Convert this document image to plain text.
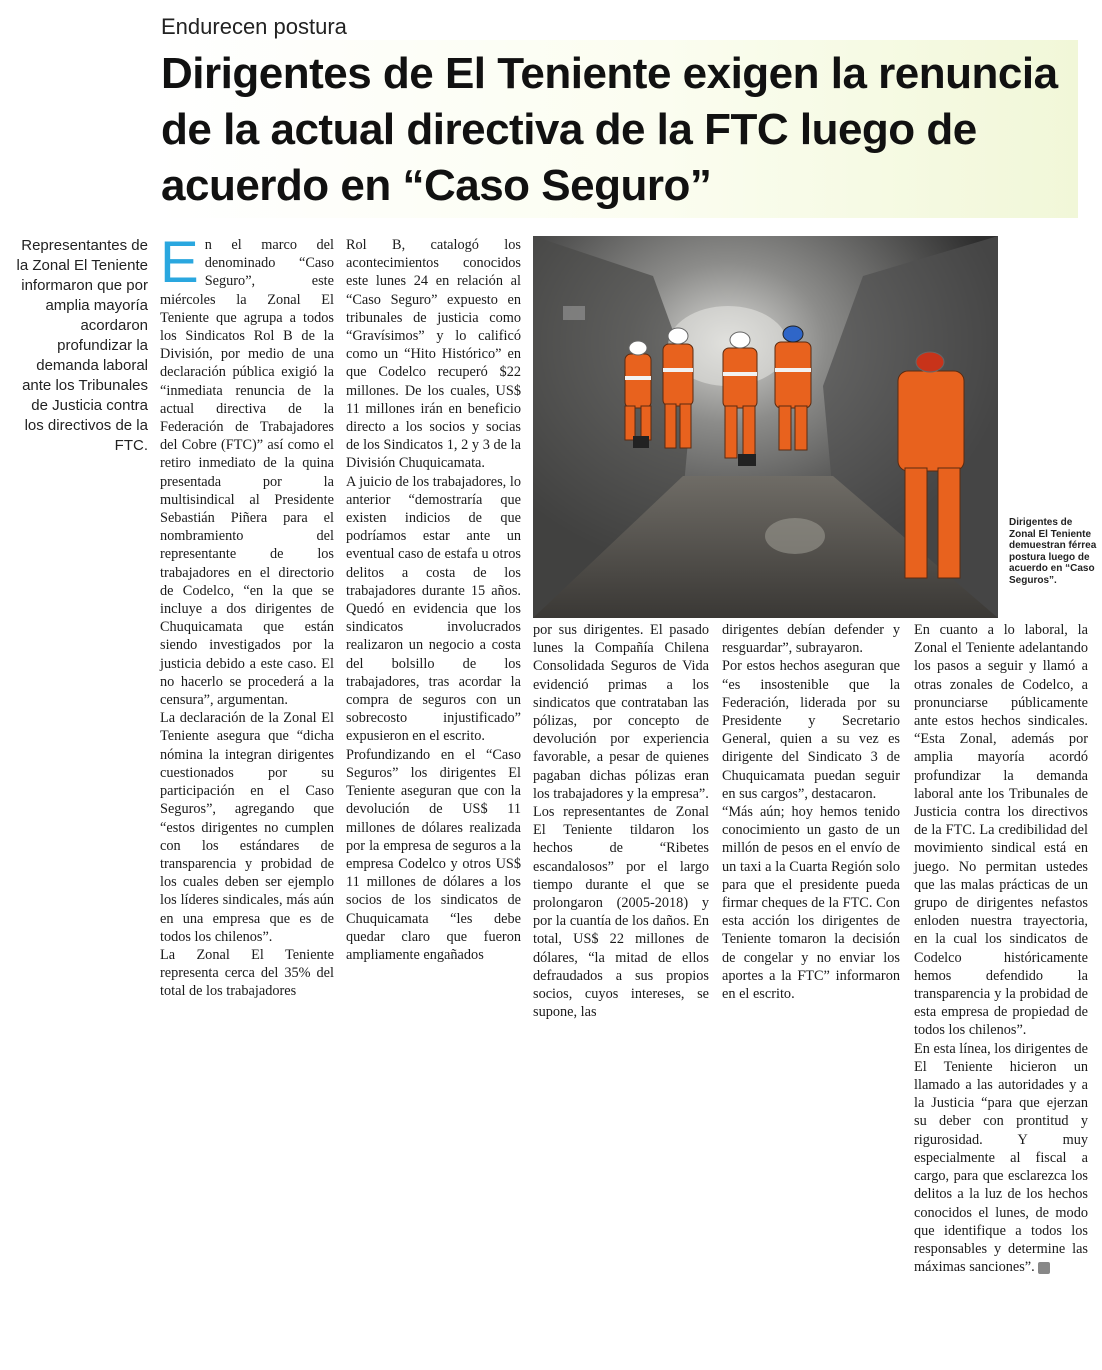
Endurecen postura
Dirigentes de El Teniente exigen la renuncia de la actual directiva de la FTC luego de acuerdo en “Caso Seguro”
Representantes de la Zonal El Teniente informaron que por amplia mayoría acordaron profundizar la demanda laboral ante los Tribunales de Justicia contra los directivos de la FTC.
E n el marco del denominado “Caso Seguro”, este miércoles la Zonal El Teniente que agrupa a todos los Sindicatos Rol B de la División, por medio de una declaración pública exigió la “inmediata renuncia de la actual directiva de la Federación de Trabajadores del Cobre (FTC)” así como el retiro inmediato de la quina presentada por la multisindical al Presidente Sebastián Piñera para el nombramiento del representante de los trabajadores en el directorio de Codelco, “en la que se incluye a dos dirigentes de Chuquicamata que están siendo investigados por la justicia debido a este caso. El no hacerlo se procederá a la censura”, argumentan.

La declaración de la Zonal El Teniente asegura que “dicha nómina la integran dirigentes cuestionados por su participación en el Caso Seguros”, agregando que “estos dirigentes no cumplen con los estándares de transparencia y probidad de los cuales deben ser ejemplo los líderes sindicales, más aún en una empresa que es de todos los chilenos”.

La Zonal El Teniente representa cerca del 35% del total de los trabajadores

Rol B, catalogó los acontecimientos conocidos este lunes 24 en relación al “Caso Seguro” expuesto en tribunales de justicia como “Gravísimos” y lo calificó como un “Hito Histórico” en que Codelco recuperó $22 millones. De los cuales, US$ 11 millones irán en beneficio directo a los socios y socias de los Sindicatos 1, 2 y 3 de la División Chuquicamata.

A juicio de los trabajadores, lo anterior “demostraría que existen indicios de que podríamos estar ante un eventual caso de estafa u otros delitos a costa de los trabajadores durante 15 años. Quedó en evidencia que los sindicatos involucrados realizaron un negocio a costa del bolsillo de los trabajadores, tras acordar la compra de seguros con un sobrecosto injustificado” expusieron en el escrito.

Profundizando en el “Caso Seguros” los dirigentes El Teniente aseguran que con la devolución de US$ 11 millones de dólares realizada por la empresa de seguros a la empresa Codelco y otros US$ 11 millones de dólares a los socios de los sindicatos de Chuquicamata “les debe quedar claro que fueron ampliamente engañados

Dirigentes de Zonal El Teniente demuestran férrea postura luego de acuerdo en “Caso Seguros”.

por sus dirigentes. El pasado lunes la Compañía Chilena Consolidada Seguros de Vida evidenció primas a los sindicatos que contrataban las pólizas, por concepto de devolución por experiencia favorable, a pesar de quienes pagaban dichas pólizas eran los trabajadores y la empresa”.

Los representantes de Zonal El Teniente tildaron los hechos de “Ribetes escandalosos” por el largo tiempo durante el que se prolongaron (2005-2018) y por la cuantía de los daños. En total, US$ 22 millones de dólares, “la mitad de ellos defraudados a sus propios socios, cuyos intereses, se supone, las

dirigentes debían defender y resguardar”, subrayaron.

Por estos hechos aseguran que “es insostenible que la Federación, liderada por su Presidente y Secretario General, quien a su vez es dirigente del Sindicato 3 de Chuquicamata puedan seguir en sus cargos”, destacaron.

“Más aún; hoy hemos tenido conocimiento un gasto de un millón de pesos en el envío de un taxi a la Cuarta Región solo para que el presidente pueda firmar cheques de la FTC. Con esta acción los dirigentes de Teniente tomaron la decisión de congelar y no enviar los aportes a la FTC” informaron en el escrito.

En cuanto a lo laboral, la Zonal el Teniente adelantando los pasos a seguir y llamó a otras zonales de Codelco, a pronunciarse públicamente ante estos hechos sindicales. “Esta Zonal, además por amplia mayoría acordó profundizar la demanda laboral ante los Tribunales de Justicia contra los directivos de la FTC. La credibilidad del movimiento sindical está en juego. No permitan ustedes que las malas prácticas de un grupo de dirigentes nefastos enloden nuestra trayectoria, en la cual los sindicatos de Codelco históricamente hemos defendido la transparencia y la probidad de esta empresa de propiedad de todos los chilenos”.

En esta línea, los dirigentes de El Teniente hicieron un llamado a las autoridades y a la Justicia “para que ejerzan su deber con prontitud y rigurosidad. Y muy especialmente al fiscal a cargo, para que esclarezca los delitos a la luz de los hechos conocidos el lunes, de modo que identifique a todos los responsables y determine las máximas sanciones”.
